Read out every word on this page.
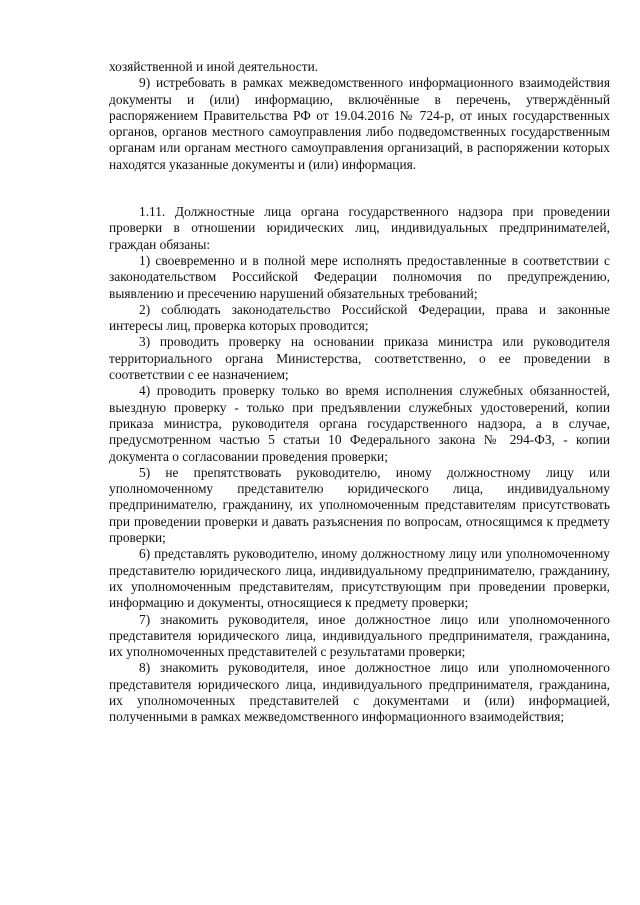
хозяйственной и иной деятельности.

9) истребовать в рамках межведомственного информационного взаимодействия документы и (или) информацию, включённые в перечень, утверждённый распоряжением Правительства РФ от 19.04.2016 № 724-р, от иных государственных органов, органов местного самоуправления либо подведомственных государственным органам или органам местного самоуправления организаций, в распоряжении которых находятся указанные документы и (или) информация.

1.11. Должностные лица органа государственного надзора при проведении проверки в отношении юридических лиц, индивидуальных предпринимателей, граждан обязаны:

1) своевременно и в полной мере исполнять предоставленные в соответствии с законодательством Российской Федерации полномочия по предупреждению, выявлению и пресечению нарушений обязательных требований;

2) соблюдать законодательство Российской Федерации, права и законные интересы лиц, проверка которых проводится;

3) проводить проверку на основании приказа министра или руководителя территориального органа Министерства, соответственно, о ее проведении в соответствии с ее назначением;

4) проводить проверку только во время исполнения служебных обязанностей, выездную проверку - только при предъявлении служебных удостоверений, копии приказа министра, руководителя органа государственного надзора, а в случае, предусмотренном частью 5 статьи 10 Федерального закона № 294-ФЗ, - копии документа о согласовании проведения проверки;

5) не препятствовать руководителю, иному должностному лицу или уполномоченному представителю юридического лица, индивидуальному предпринимателю, гражданину, их уполномоченным представителям присутствовать при проведении проверки и давать разъяснения по вопросам, относящимся к предмету проверки;

6) представлять руководителю, иному должностному лицу или уполномоченному представителю юридического лица, индивидуальному предпринимателю, гражданину, их уполномоченным представителям, присутствующим при проведении проверки, информацию и документы, относящиеся к предмету проверки;

7) знакомить руководителя, иное должностное лицо или уполномоченного представителя юридического лица, индивидуального предпринимателя, гражданина, их уполномоченных представителей с результатами проверки;

8) знакомить руководителя, иное должностное лицо или уполномоченного представителя юридического лица, индивидуального предпринимателя, гражданина, их уполномоченных представителей с документами и (или) информацией, полученными в рамках межведомственного информационного взаимодействия;
